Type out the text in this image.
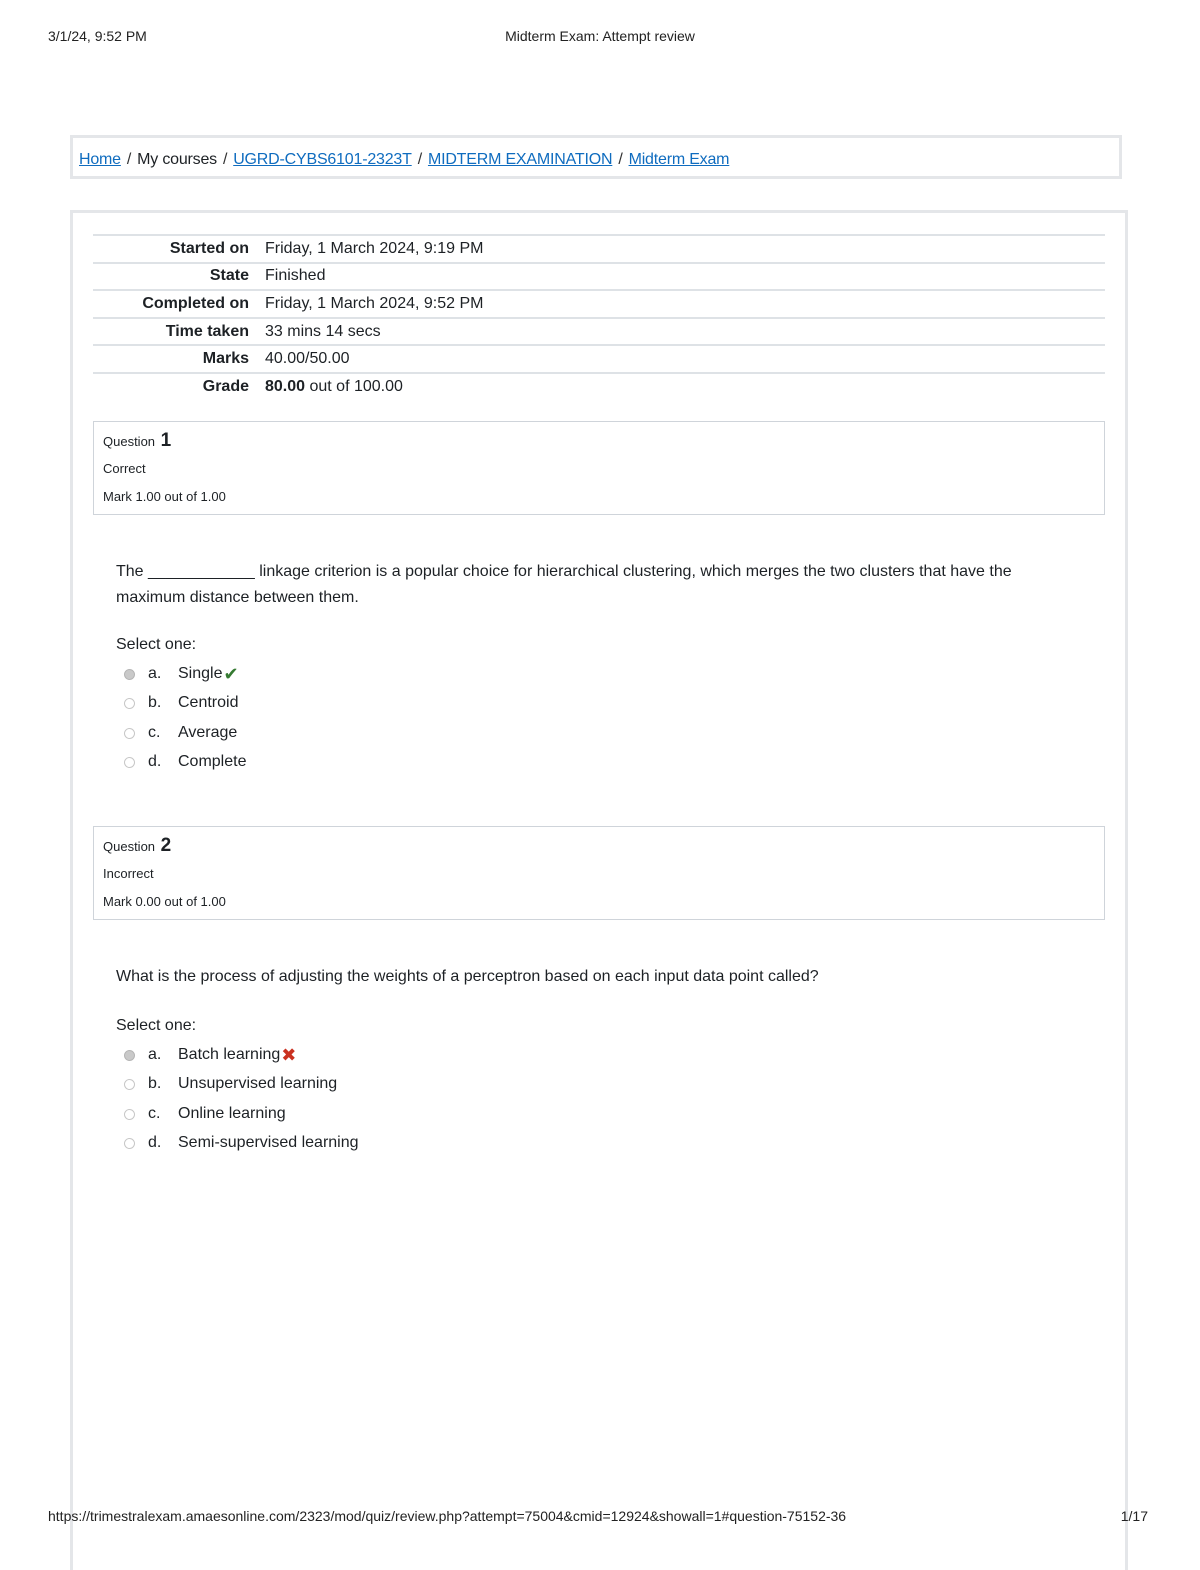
3/1/24, 9:52 PM	Midterm Exam: Attempt review
Home / My courses / UGRD-CYBS6101-2323T / MIDTERM EXAMINATION / Midterm Exam
Started on	Friday, 1 March 2024, 9:19 PM
State	Finished
Completed on	Friday, 1 March 2024, 9:52 PM
Time taken	33 mins 14 secs
Marks	40.00/50.00
Grade	80.00 out of 100.00
Question 1
Correct
Mark 1.00 out of 1.00
The ____________ linkage criterion is a popular choice for hierarchical clustering, which merges the two clusters that have the maximum distance between them.
Select one:
a.	Single ✔
b.	Centroid
c.	Average
d.	Complete
Question 2
Incorrect
Mark 0.00 out of 1.00
What is the process of adjusting the weights of a perceptron based on each input data point called?
Select one:
a.	Batch learning ✖
b.	Unsupervised learning
c.	Online learning
d.	Semi-supervised learning
https://trimestralexam.amaesonline.com/2323/mod/quiz/review.php?attempt=75004&cmid=12924&showall=1#question-75152-36	1/17
